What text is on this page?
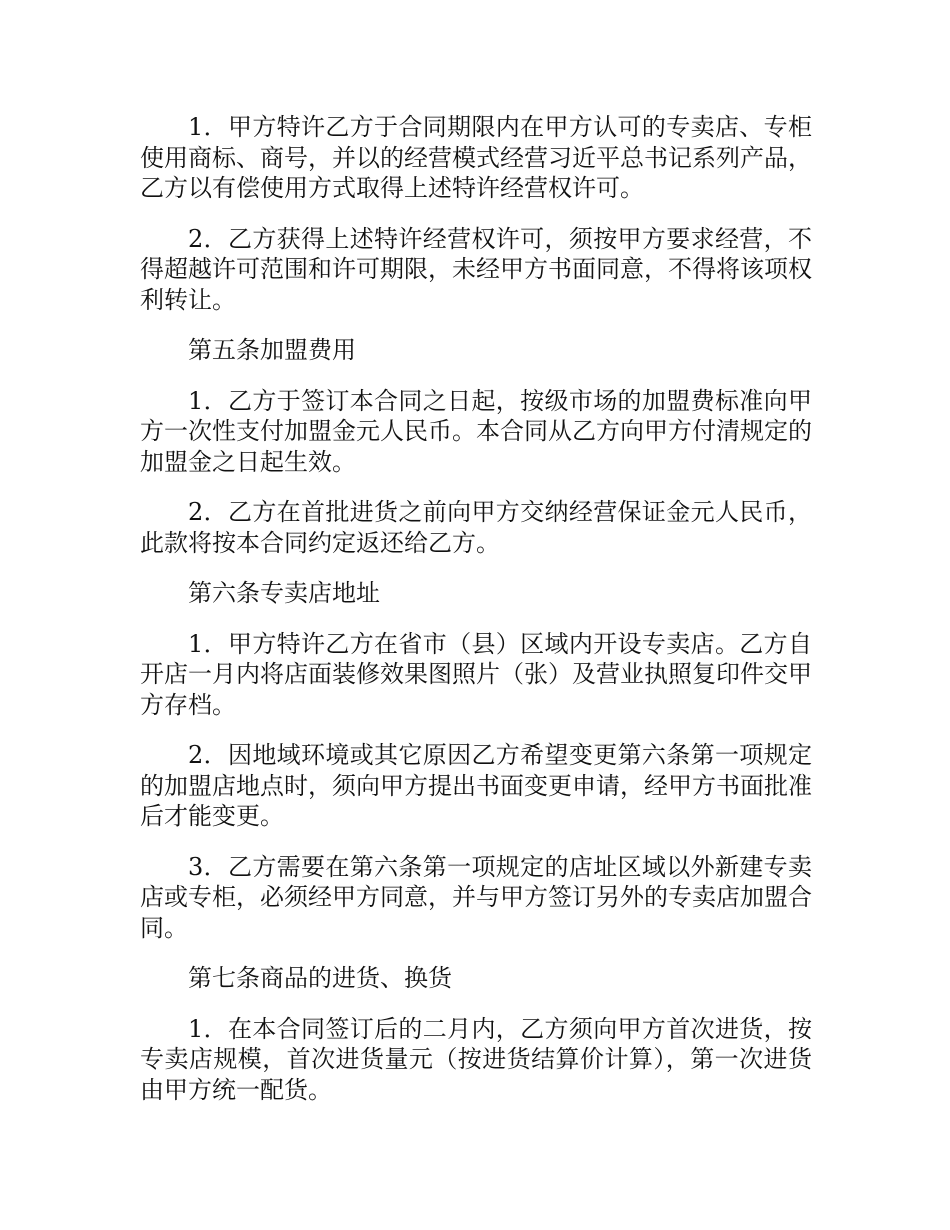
1．甲方特许乙方于合同期限内在甲方认可的专卖店、专柜使用商标、商号，并以的经营模式经营习近平总书记系列产品，乙方以有偿使用方式取得上述特许经营权许可。

2．乙方获得上述特许经营权许可，须按甲方要求经营，不得超越许可范围和许可期限，未经甲方书面同意，不得将该项权利转让。

第五条加盟费用

1．乙方于签订本合同之日起，按级市场的加盟费标准向甲方一次性支付加盟金元人民币。本合同从乙方向甲方付清规定的加盟金之日起生效。

2．乙方在首批进货之前向甲方交纳经营保证金元人民币，此款将按本合同约定返还给乙方。

第六条专卖店地址

1．甲方特许乙方在省市（县）区域内开设专卖店。乙方自开店一月内将店面装修效果图照片（张）及营业执照复印件交甲方存档。

2．因地域环境或其它原因乙方希望变更第六条第一项规定的加盟店地点时，须向甲方提出书面变更申请，经甲方书面批准后才能变更。

3．乙方需要在第六条第一项规定的店址区域以外新建专卖店或专柜，必须经甲方同意，并与甲方签订另外的专卖店加盟合同。

第七条商品的进货、换货

1．在本合同签订后的二月内，乙方须向甲方首次进货，按专卖店规模，首次进货量元（按进货结算价计算），第一次进货由甲方统一配货。
